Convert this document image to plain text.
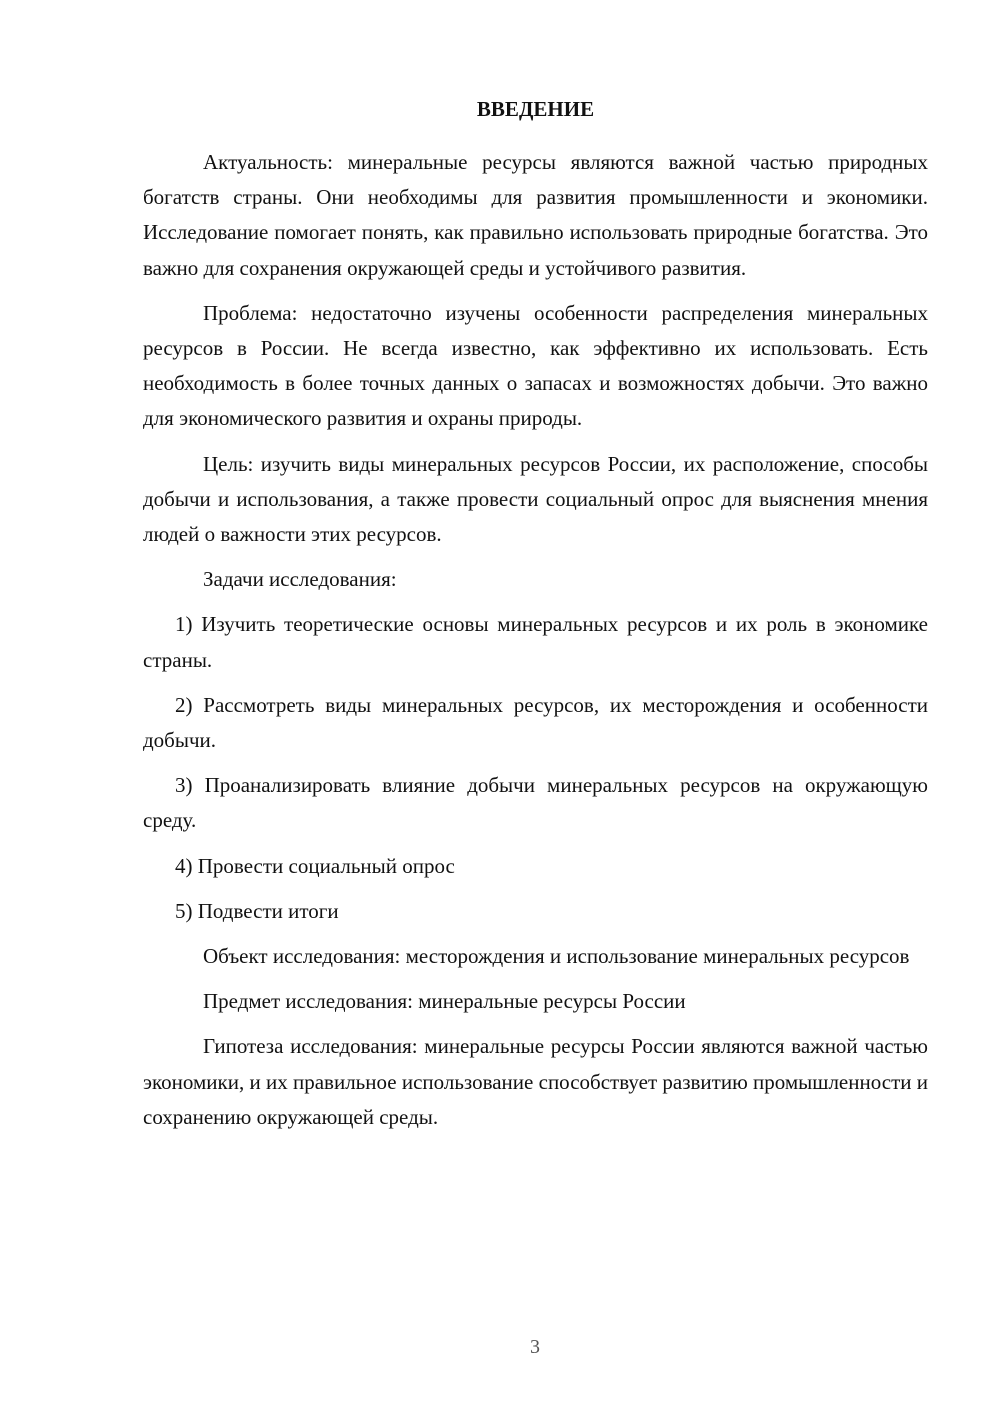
ВВЕДЕНИЕ

Актуальность: минеральные ресурсы являются важной частью природных богатств страны. Они необходимы для развития промышленности и экономики. Исследование помогает понять, как правильно использовать природные богатства. Это важно для сохранения окружающей среды и устойчивого развития.

Проблема: недостаточно изучены особенности распределения минеральных ресурсов в России. Не всегда известно, как эффективно их использовать. Есть необходимость в более точных данных о запасах и возможностях добычи. Это важно для экономического развития и охраны природы.

Цель: изучить виды минеральных ресурсов России, их расположение, способы добычи и использования, а также провести социальный опрос для выяснения мнения людей о важности этих ресурсов.

Задачи исследования:

1) Изучить теоретические основы минеральных ресурсов и их роль в экономике страны.

2) Рассмотреть виды минеральных ресурсов, их месторождения и особенности добычи.

3) Проанализировать влияние добычи минеральных ресурсов на окружающую среду.

4) Провести социальный опрос

5) Подвести итоги

Объект исследования: месторождения и использование минеральных ресурсов

Предмет исследования: минеральные ресурсы России

Гипотеза исследования: минеральные ресурсы России являются важной частью экономики, и их правильное использование способствует развитию промышленности и сохранению окружающей среды.

3
